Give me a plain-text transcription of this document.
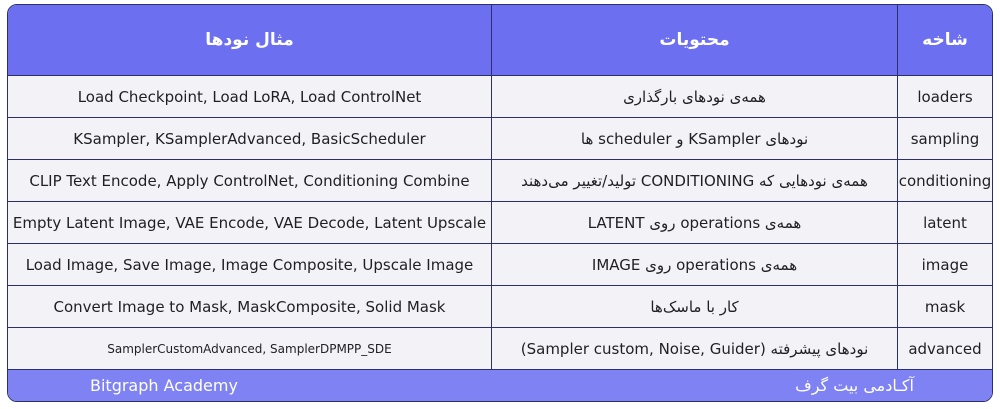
مثال نودها	محتویات	شاخه
Load Checkpoint, Load LoRA, Load ControlNet	همه‌ی نودهای بارگذاری	loaders
KSampler, KSamplerAdvanced, BasicScheduler	نودهای KSampler و scheduler ها	sampling
CLIP Text Encode, Apply ControlNet, Conditioning Combine	همه‌ی نودهایی که CONDITIONING تولید/تغییر می‌دهند	conditioning
Empty Latent Image, VAE Encode, VAE Decode, Latent Upscale	همه‌ی operations روی LATENT	latent
Load Image, Save Image, Image Composite, Upscale Image	همه‌ی operations روی IMAGE	image
Convert Image to Mask, MaskComposite, Solid Mask	کار با ماسک‌ها	mask
SamplerCustomAdvanced, SamplerDPMPP_SDE	نودهای پیشرفته (Sampler custom, Noise, Guider)	advanced
Bitgraph Academy	آکـادمی بیت گرف
